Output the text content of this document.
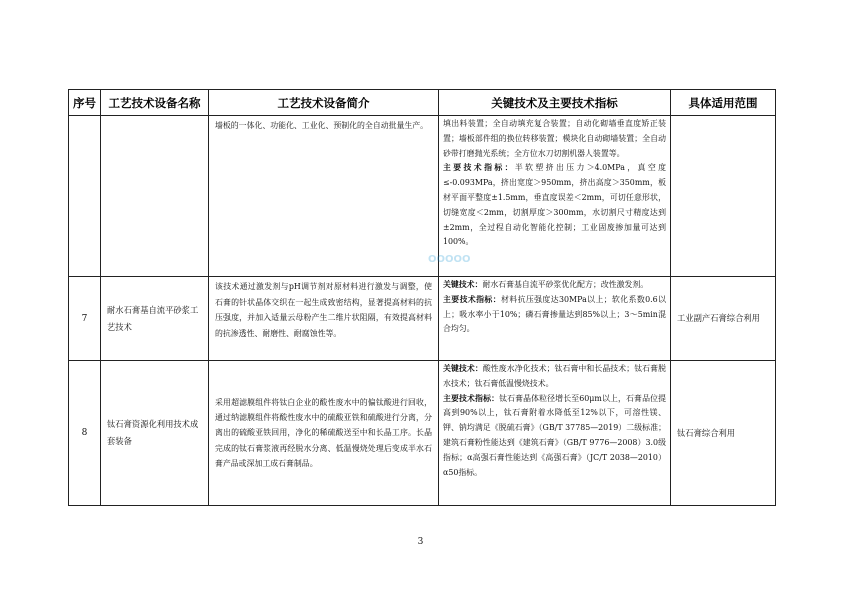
序号	工艺技术设备名称	工艺技术设备简介	关键技术及主要技术指标	具体适用范围
		墙板的一体化、功能化、工业化、预制化的全自动批量生产。	填出料装置；全自动填充复合装置；自动化砌墙垂直度矫正装置；墙板部件组的换位转移装置；模块化自动砌墙装置；全自动砂带打磨抛光系统；全方位水刀切割机器人装置等。
主要技术指标：半软塑挤出压力＞4.0MPa，真空度≤-0.093MPa，挤出宽度＞950mm，挤出高度＞350mm，板材平面平整度±1.5mm，垂直度误差＜2mm，可切任意形状，切缝宽度＜2mm，切割厚度＞300mm，水切割尺寸精度达到±2mm，全过程自动化智能化控制；工业固废掺加量可达到100%。	
7	耐水石膏基自流平砂浆工艺技术	该技术通过激发剂与pH调节剂对原材料进行激发与调整，使石膏的针状晶体交织在一起生成致密结构，显著提高材料的抗压强度，并加入适量云母粉产生二维片状阻隔，有效提高材料的抗渗透性、耐磨性、耐腐蚀性等。	关键技术：耐水石膏基自流平砂浆优化配方；改性激发剂。
主要技术指标：材料抗压强度达30MPa以上；软化系数0.6以上；吸水率小于10%；磷石膏掺量达到85%以上；3～5min混合均匀。	工业副产石膏综合利用
8	钛石膏资源化利用技术成套装备	采用超滤膜组件将钛白企业的酸性废水中的偏钛酸进行回收，通过纳滤膜组件将酸性废水中的硫酸亚铁和硫酸进行分离，分离出的硫酸亚铁回用，净化的稀硫酸送至中和长晶工序。长晶完成的钛石膏浆液再经脱水分离、低温慢烧处理后变成半水石膏产品或深加工成石膏制品。	关键技术：酸性废水净化技术；钛石膏中和长晶技术；钛石膏脱水技术；钛石膏低温慢烧技术。
主要技术指标：钛石膏晶体粒径增长至60μm以上，石膏品位提高到90%以上，钛石膏附着水降低至12%以下，可溶性镁、钾、钠均满足《脱硫石膏》（GB/T 37785—2019）二级标准；建筑石膏粉性能达到《建筑石膏》（GB/T 9776—2008）3.0级指标；α高强石膏性能达到《高强石膏》（JC/T 2038—2010）α50指标。	钛石膏综合利用
OOOOO
3
